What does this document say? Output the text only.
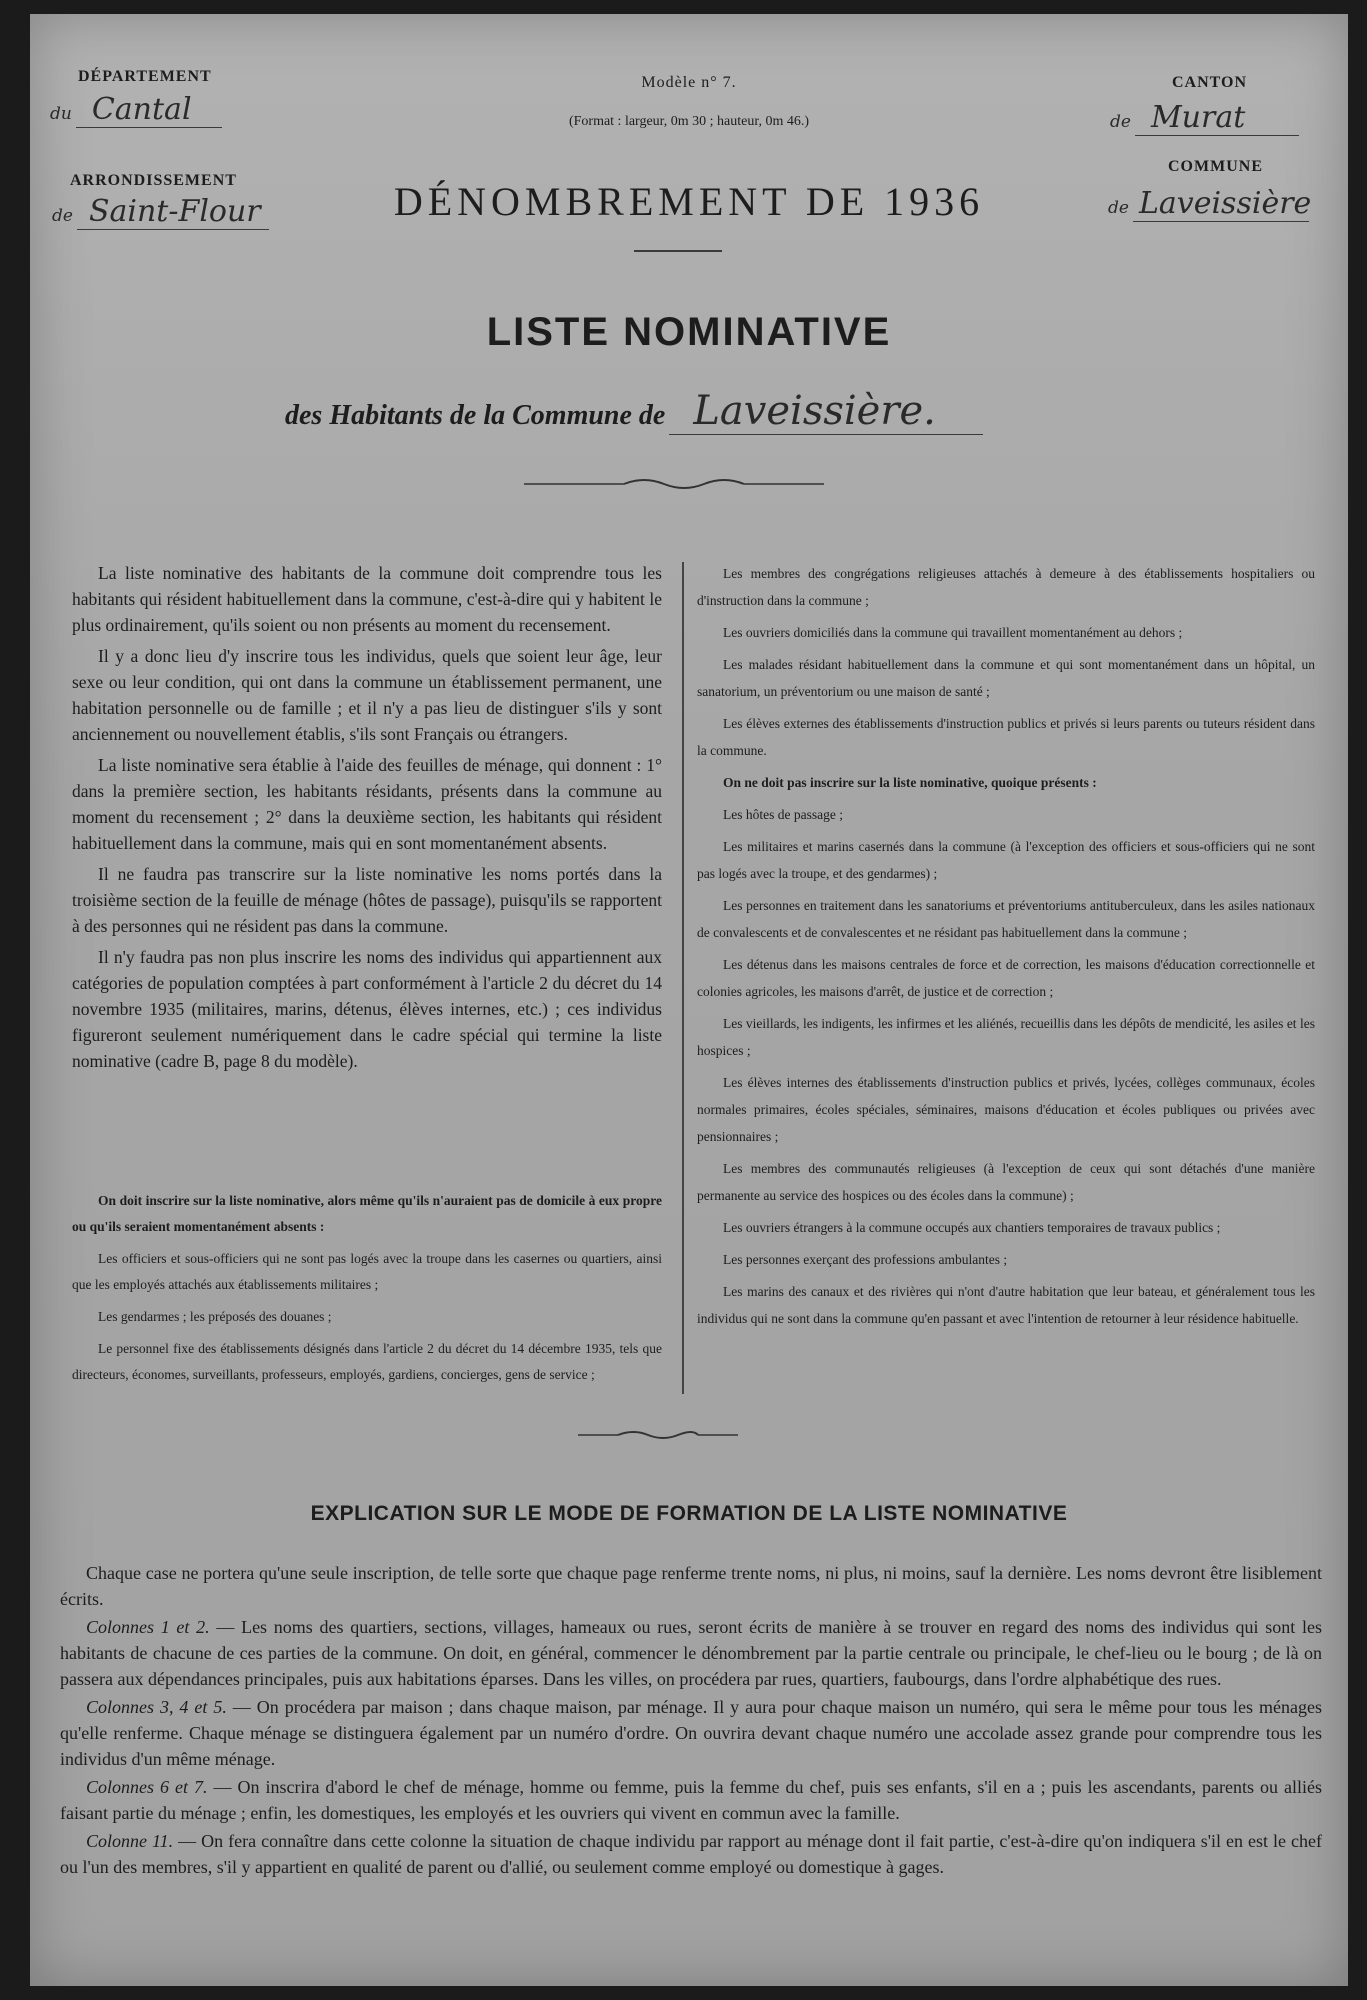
DÉPARTEMENT
du Cantal
ARRONDISSEMENT
de Saint-Flour
Modèle n° 7.
(Format : largeur, 0m 30 ; hauteur, 0m 46.)
DÉNOMBREMENT DE 1936
CANTON
de Murat
COMMUNE
de Laveissière
LISTE NOMINATIVE
des Habitants de la Commune de Laveissière.

La liste nominative des habitants de la commune doit comprendre tous les habitants qui résident habituellement dans la commune, c'est-à-dire qui y habitent le plus ordinairement, qu'ils soient ou non présents au moment du recensement.

Il y a donc lieu d'y inscrire tous les individus, quels que soient leur âge, leur sexe ou leur condition, qui ont dans la commune un établissement permanent, une habitation personnelle ou de famille ; et il n'y a pas lieu de distinguer s'ils y sont anciennement ou nouvellement établis, s'ils sont Français ou étrangers.

La liste nominative sera établie à l'aide des feuilles de ménage, qui donnent : 1° dans la première section, les habitants résidants, présents dans la commune au moment du recensement ; 2° dans la deuxième section, les habitants qui résident habituellement dans la commune, mais qui en sont momentanément absents.

Il ne faudra pas transcrire sur la liste nominative les noms portés dans la troisième section de la feuille de ménage (hôtes de passage), puisqu'ils se rapportent à des personnes qui ne résident pas dans la commune.

Il n'y faudra pas non plus inscrire les noms des individus qui appartiennent aux catégories de population comptées à part conformément à l'article 2 du décret du 14 novembre 1935 (militaires, marins, détenus, élèves internes, etc.) ; ces individus figureront seulement numériquement dans le cadre spécial qui termine la liste nominative (cadre B, page 8 du modèle).

On doit inscrire sur la liste nominative, alors même qu'ils n'auraient pas de domicile à eux propre ou qu'ils seraient momentanément absents :

Les officiers et sous-officiers qui ne sont pas logés avec la troupe dans les casernes ou quartiers, ainsi que les employés attachés aux établissements militaires ;

Les gendarmes ; les préposés des douanes ;

Le personnel fixe des établissements désignés dans l'article 2 du décret du 14 décembre 1935, tels que directeurs, économes, surveillants, professeurs, employés, gardiens, concierges, gens de service ;

Les membres des congrégations religieuses attachés à demeure à des établissements hospitaliers ou d'instruction dans la commune ;

Les ouvriers domiciliés dans la commune qui travaillent momentanément au dehors ;

Les malades résidant habituellement dans la commune et qui sont momentanément dans un hôpital, un sanatorium, un préventorium ou une maison de santé ;

Les élèves externes des établissements d'instruction publics et privés si leurs parents ou tuteurs résident dans la commune.

On ne doit pas inscrire sur la liste nominative, quoique présents :

Les hôtes de passage ;

Les militaires et marins casernés dans la commune (à l'exception des officiers et sous-officiers qui ne sont pas logés avec la troupe, et des gendarmes) ;

Les personnes en traitement dans les sanatoriums et préventoriums antituberculeux, dans les asiles nationaux de convalescents et de convalescentes et ne résidant pas habituellement dans la commune ;

Les détenus dans les maisons centrales de force et de correction, les maisons d'éducation correctionnelle et colonies agricoles, les maisons d'arrêt, de justice et de correction ;

Les vieillards, les indigents, les infirmes et les aliénés, recueillis dans les dépôts de mendicité, les asiles et les hospices ;

Les élèves internes des établissements d'instruction publics et privés, lycées, collèges communaux, écoles normales primaires, écoles spéciales, séminaires, maisons d'éducation et écoles publiques ou privées avec pensionnaires ;

Les membres des communautés religieuses (à l'exception de ceux qui sont détachés d'une manière permanente au service des hospices ou des écoles dans la commune) ;

Les ouvriers étrangers à la commune occupés aux chantiers temporaires de travaux publics ;

Les personnes exerçant des professions ambulantes ;

Les marins des canaux et des rivières qui n'ont d'autre habitation que leur bateau, et généralement tous les individus qui ne sont dans la commune qu'en passant et avec l'intention de retourner à leur résidence habituelle.

EXPLICATION SUR LE MODE DE FORMATION DE LA LISTE NOMINATIVE

Chaque case ne portera qu'une seule inscription, de telle sorte que chaque page renferme trente noms, ni plus, ni moins, sauf la dernière. Les noms devront être lisiblement écrits.

Colonnes 1 et 2. — Les noms des quartiers, sections, villages, hameaux ou rues, seront écrits de manière à se trouver en regard des noms des individus qui sont les habitants de chacune de ces parties de la commune. On doit, en général, commencer le dénombrement par la partie centrale ou principale, le chef-lieu ou le bourg ; de là on passera aux dépendances principales, puis aux habitations éparses. Dans les villes, on procédera par rues, quartiers, faubourgs, dans l'ordre alphabétique des rues.

Colonnes 3, 4 et 5. — On procédera par maison ; dans chaque maison, par ménage. Il y aura pour chaque maison un numéro, qui sera le même pour tous les ménages qu'elle renferme. Chaque ménage se distinguera également par un numéro d'ordre. On ouvrira devant chaque numéro une accolade assez grande pour comprendre tous les individus d'un même ménage.

Colonnes 6 et 7. — On inscrira d'abord le chef de ménage, homme ou femme, puis la femme du chef, puis ses enfants, s'il en a ; puis les ascendants, parents ou alliés faisant partie du ménage ; enfin, les domestiques, les employés et les ouvriers qui vivent en commun avec la famille.

Colonne 11. — On fera connaître dans cette colonne la situation de chaque individu par rapport au ménage dont il fait partie, c'est-à-dire qu'on indiquera s'il en est le chef ou l'un des membres, s'il y appartient en qualité de parent ou d'allié, ou seulement comme employé ou domestique à gages.
